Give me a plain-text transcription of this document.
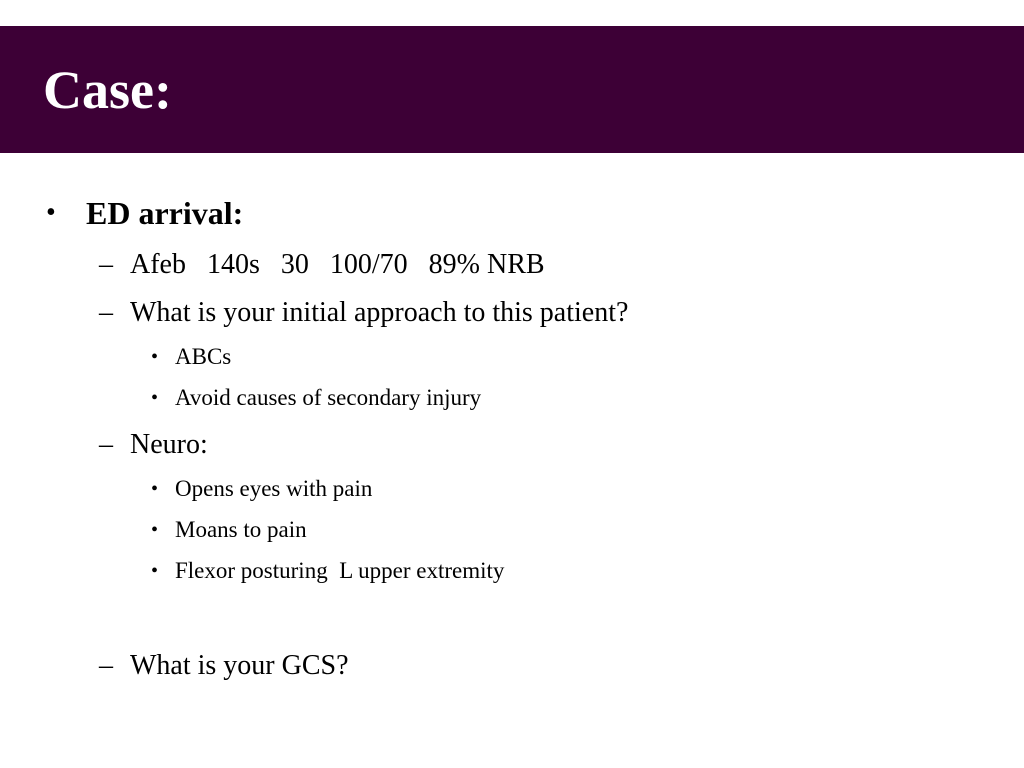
Case:
• ED arrival:
– Afeb   140s   30   100/70   89% NRB
– What is your initial approach to this patient?
• ABCs
• Avoid causes of secondary injury
– Neuro:
• Opens eyes with pain
• Moans to pain
• Flexor posturing  L upper extremity
– What is your GCS?
